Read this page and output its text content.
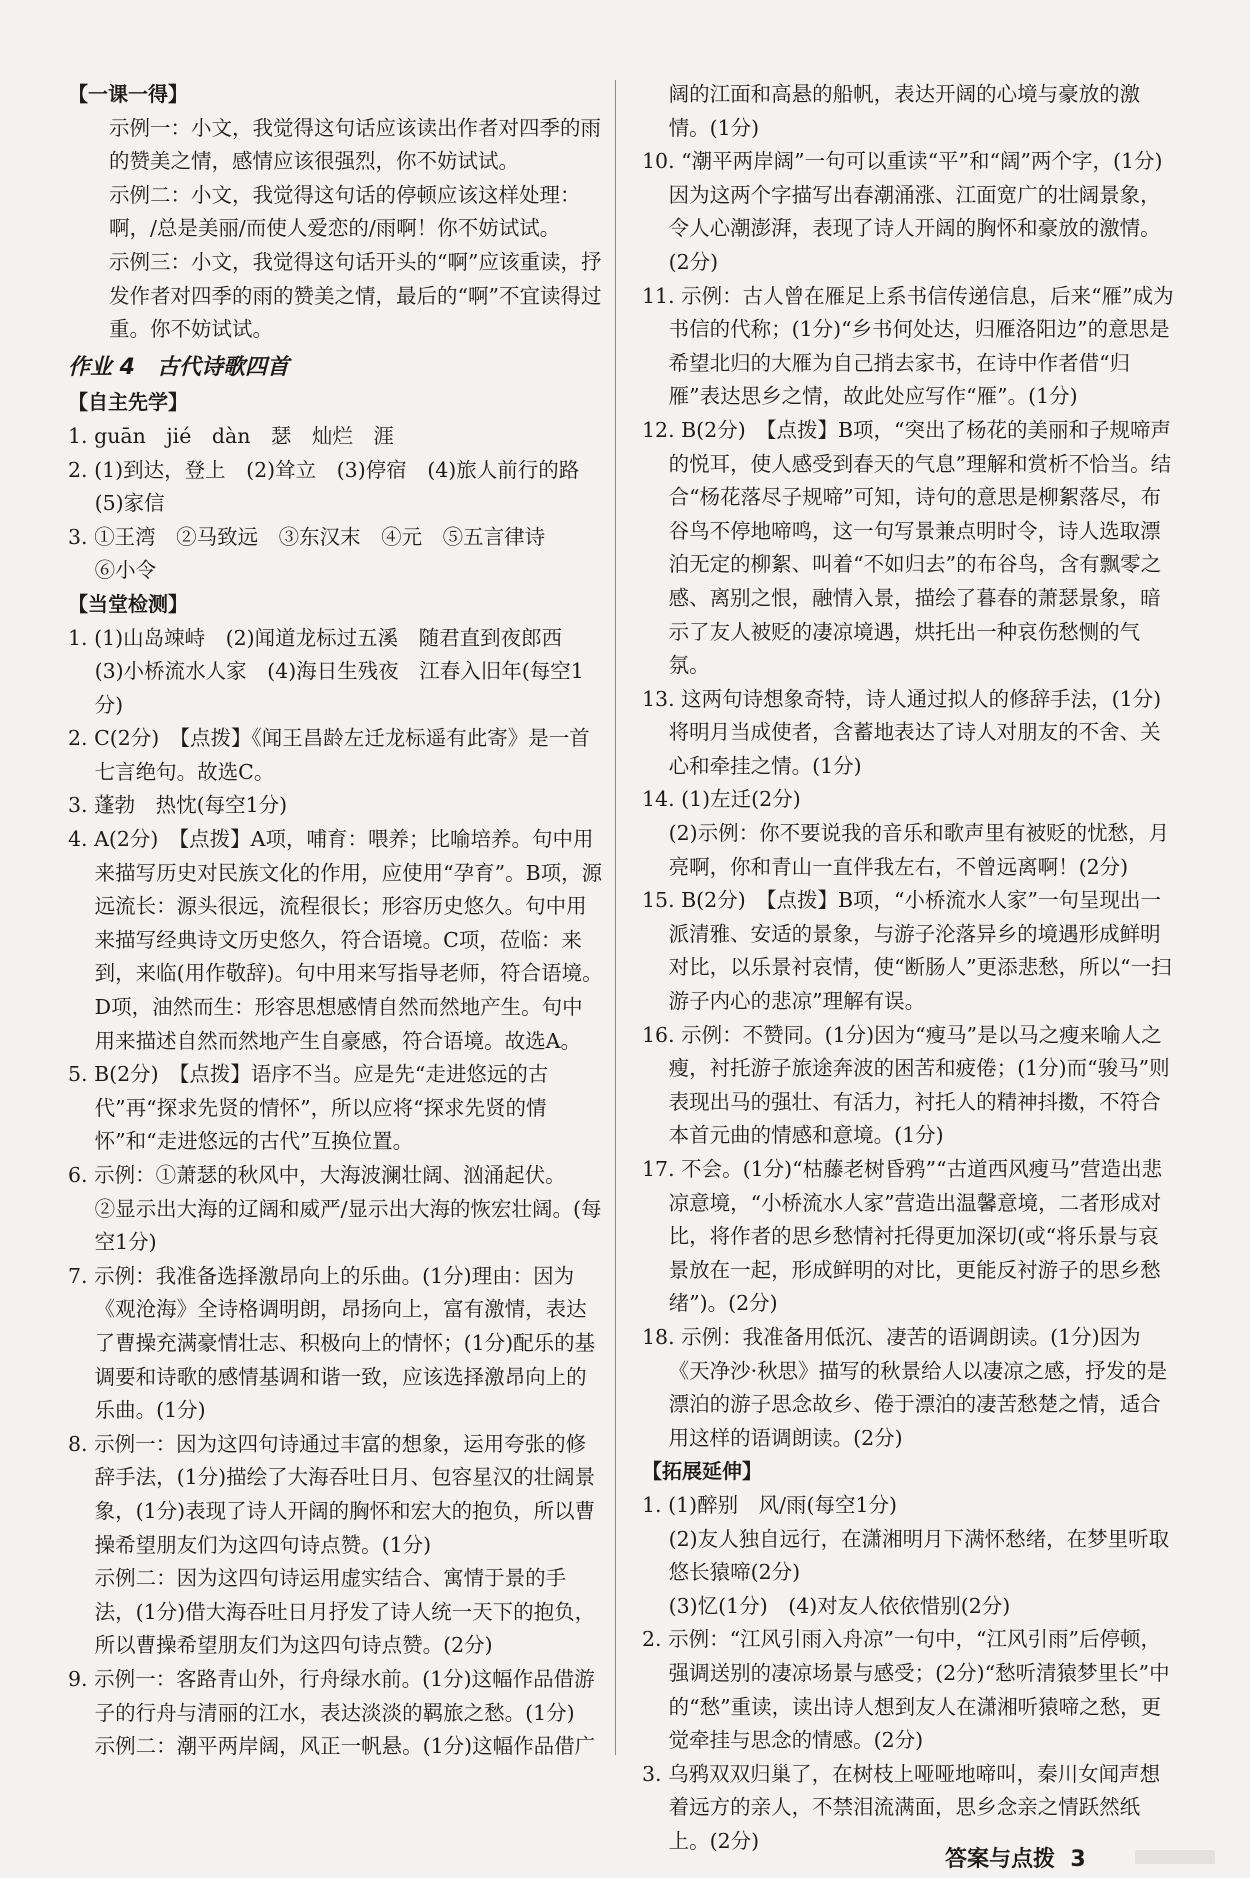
【一课一得】

示例一：小文，我觉得这句话应该读出作者对四季的雨的赞美之情，感情应该很强烈，你不妨试试。

示例二：小文，我觉得这句话的停顿应该这样处理：啊，/总是美丽/而使人爱恋的/雨啊！你不妨试试。

示例三：小文，我觉得这句话开头的“啊”应该重读，抒发作者对四季的雨的赞美之情，最后的“啊”不宜读得过重。你不妨试试。

作业 4　古代诗歌四首

【自主先学】

1. guān　jié　dàn　瑟　灿烂　涯

2. (1)到达，登上　(2)耸立　(3)停宿　(4)旅人前行的路

(5)家信

3. ①王湾　②马致远　③东汉末　④元　⑤五言律诗

⑥小令

【当堂检测】

1. (1)山岛竦峙　(2)闻道龙标过五溪　随君直到夜郎西　(3)小桥流水人家　(4)海日生残夜　江春入旧年(每空1分)

2. C(2分)　【点拨】《闻王昌龄左迁龙标遥有此寄》是一首七言绝句。故选C。

3. 蓬勃　热忱(每空1分)

4. A(2分)　【点拨】A项，哺育：喂养；比喻培养。句中用来描写历史对民族文化的作用，应使用“孕育”。B项，源远流长：源头很远，流程很长；形容历史悠久。句中用来描写经典诗文历史悠久，符合语境。C项，莅临：来到，来临(用作敬辞)。句中用来写指导老师，符合语境。D项，油然而生：形容思想感情自然而然地产生。句中用来描述自然而然地产生自豪感，符合语境。故选A。

5. B(2分)　【点拨】语序不当。应是先“走进悠远的古代”再“探求先贤的情怀”，所以应将“探求先贤的情怀”和“走进悠远的古代”互换位置。

6. 示例：①萧瑟的秋风中，大海波澜壮阔、汹涌起伏。

②显示出大海的辽阔和威严/显示出大海的恢宏壮阔。(每空1分)

7. 示例：我准备选择激昂向上的乐曲。(1分)理由：因为《观沧海》全诗格调明朗，昂扬向上，富有激情，表达了曹操充满豪情壮志、积极向上的情怀；(1分)配乐的基调要和诗歌的感情基调和谐一致，应该选择激昂向上的乐曲。(1分)

8. 示例一：因为这四句诗通过丰富的想象，运用夸张的修辞手法，(1分)描绘了大海吞吐日月、包容星汉的壮阔景象，(1分)表现了诗人开阔的胸怀和宏大的抱负，所以曹操希望朋友们为这四句诗点赞。(1分)

示例二：因为这四句诗运用虚实结合、寓情于景的手法，(1分)借大海吞吐日月抒发了诗人统一天下的抱负，所以曹操希望朋友们为这四句诗点赞。(2分)

9. 示例一：客路青山外，行舟绿水前。(1分)这幅作品借游子的行舟与清丽的江水，表达淡淡的羁旅之愁。(1分)

示例二：潮平两岸阔，风正一帆悬。(1分)这幅作品借广

阔的江面和高悬的船帆，表达开阔的心境与豪放的激情。(1分)

10. “潮平两岸阔”一句可以重读“平”和“阔”两个字，(1分)因为这两个字描写出春潮涌涨、江面宽广的壮阔景象，令人心潮澎湃，表现了诗人开阔的胸怀和豪放的激情。(2分)

11. 示例：古人曾在雁足上系书信传递信息，后来“雁”成为书信的代称；(1分)“乡书何处达，归雁洛阳边”的意思是希望北归的大雁为自己捎去家书，在诗中作者借“归雁”表达思乡之情，故此处应写作“雁”。(1分)

12. B(2分)　【点拨】B项，“突出了杨花的美丽和子规啼声的悦耳，使人感受到春天的气息”理解和赏析不恰当。结合“杨花落尽子规啼”可知，诗句的意思是柳絮落尽，布谷鸟不停地啼鸣，这一句写景兼点明时令，诗人选取漂泊无定的柳絮、叫着“不如归去”的布谷鸟，含有飘零之感、离别之恨，融情入景，描绘了暮春的萧瑟景象，暗示了友人被贬的凄凉境遇，烘托出一种哀伤愁恻的气氛。

13. 这两句诗想象奇特，诗人通过拟人的修辞手法，(1分)将明月当成使者，含蓄地表达了诗人对朋友的不舍、关心和牵挂之情。(1分)

14. (1)左迁(2分)

(2)示例：你不要说我的音乐和歌声里有被贬的忧愁，月亮啊，你和青山一直伴我左右，不曾远离啊！(2分)

15. B(2分)　【点拨】B项，“小桥流水人家”一句呈现出一派清雅、安适的景象，与游子沦落异乡的境遇形成鲜明对比，以乐景衬哀情，使“断肠人”更添悲愁，所以“一扫游子内心的悲凉”理解有误。

16. 示例：不赞同。(1分)因为“瘦马”是以马之瘦来喻人之瘦，衬托游子旅途奔波的困苦和疲倦；(1分)而“骏马”则表现出马的强壮、有活力，衬托人的精神抖擞，不符合本首元曲的情感和意境。(1分)

17. 不会。(1分)“枯藤老树昏鸦”“古道西风瘦马”营造出悲凉意境，“小桥流水人家”营造出温馨意境，二者形成对比，将作者的思乡愁情衬托得更加深切(或“将乐景与哀景放在一起，形成鲜明的对比，更能反衬游子的思乡愁绪”)。(2分)

18. 示例：我准备用低沉、凄苦的语调朗读。(1分)因为《天净沙·秋思》描写的秋景给人以凄凉之感，抒发的是漂泊的游子思念故乡、倦于漂泊的凄苦愁楚之情，适合用这样的语调朗读。(2分)

【拓展延伸】

1. (1)醉别　风/雨(每空1分)

(2)友人独自远行，在潇湘明月下满怀愁绪，在梦里听取悠长猿啼(2分)

(3)忆(1分)　(4)对友人依依惜别(2分)

2. 示例：“江风引雨入舟凉”一句中，“江风引雨”后停顿，强调送别的凄凉场景与感受；(2分)“愁听清猿梦里长”中的“愁”重读，读出诗人想到友人在潇湘听猿啼之愁，更觉牵挂与思念的情感。(2分)

3. 乌鸦双双归巢了，在树枝上哑哑地啼叫，秦川女闻声想着远方的亲人，不禁泪流满面，思乡念亲之情跃然纸上。(2分)

答案与点拨 3
